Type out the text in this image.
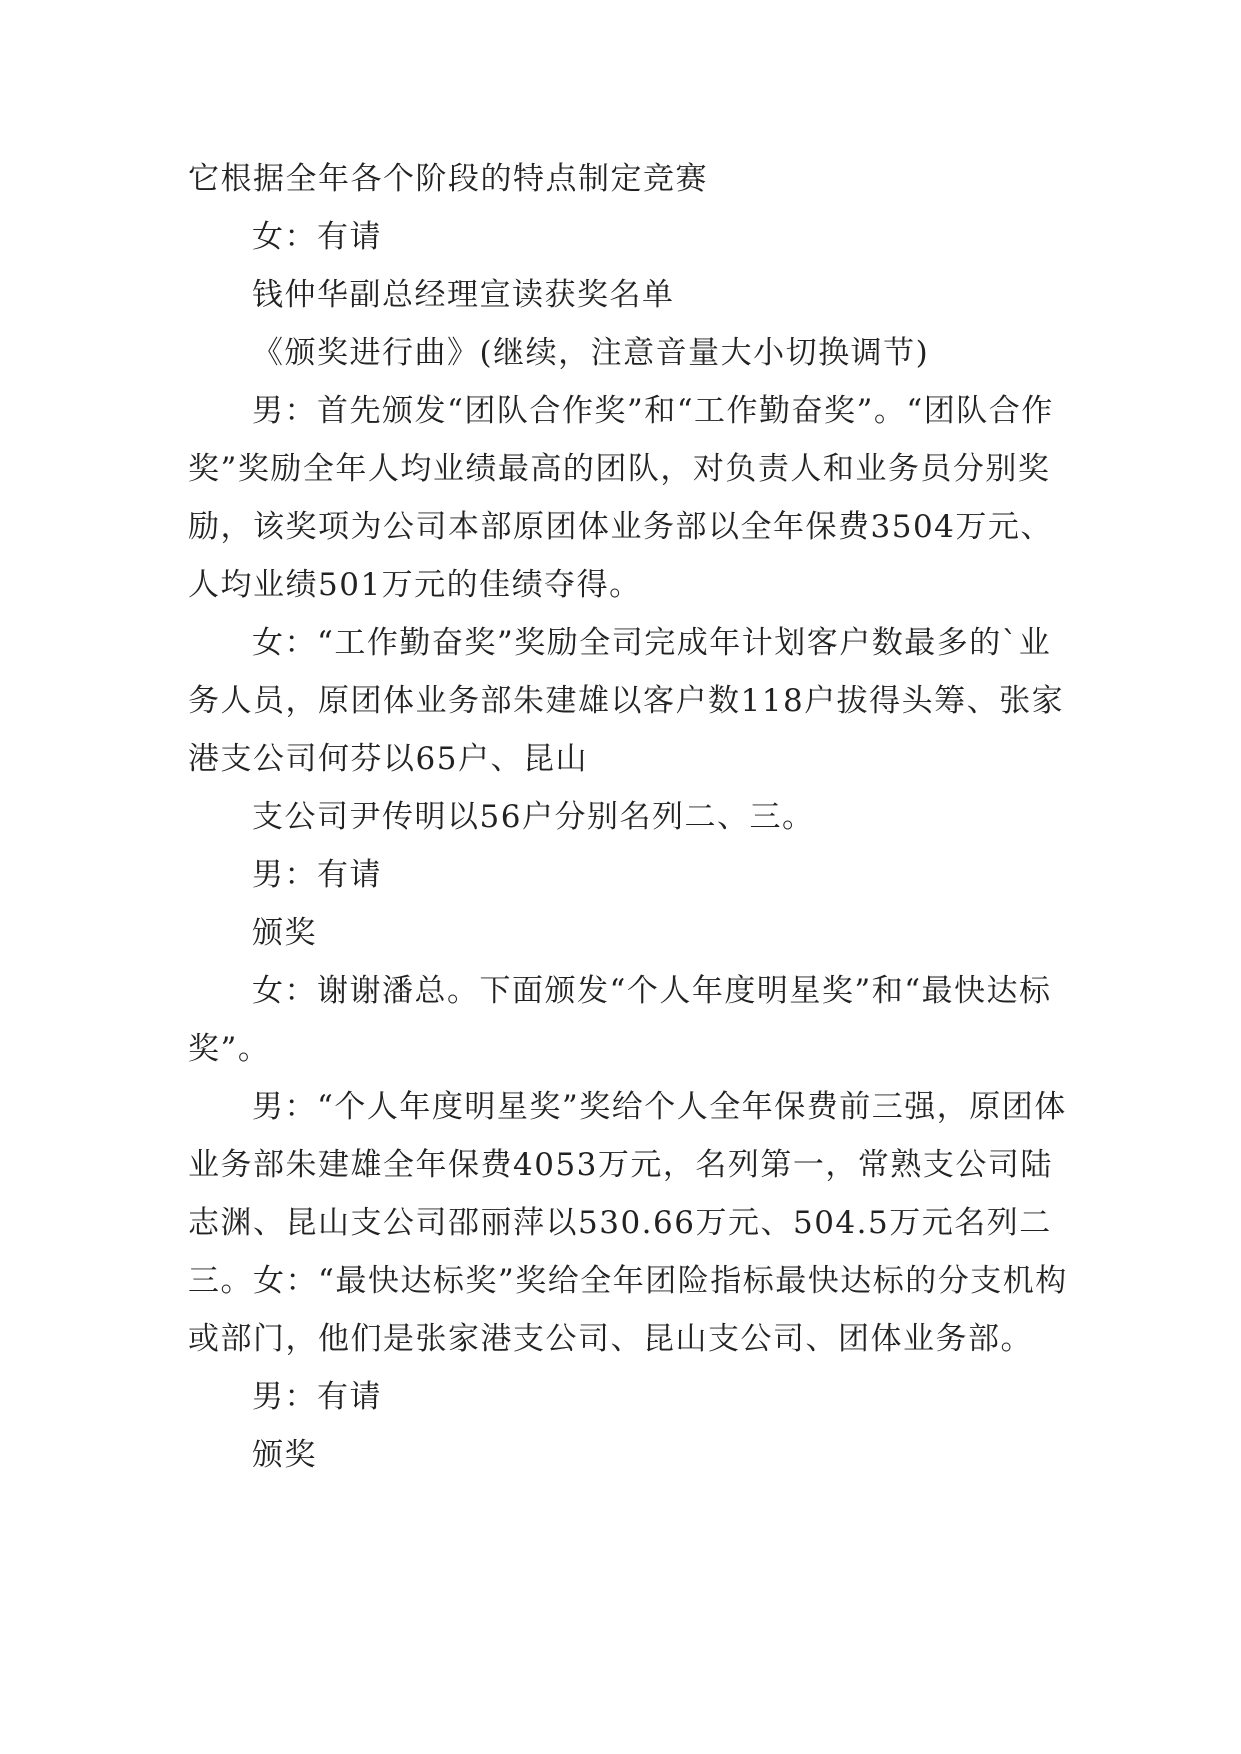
它根据全年各个阶段的特点制定竞赛

女：有请

钱仲华副总经理宣读获奖名单

《颁奖进行曲》(继续，注意音量大小切换调节)

男：首先颁发“团队合作奖”和“工作勤奋奖”。“团队合作奖”奖励全年人均业绩最高的团队，对负责人和业务员分别奖励，该奖项为公司本部原团体业务部以全年保费3504万元、人均业绩501万元的佳绩夺得。

女：“工作勤奋奖”奖励全司完成年计划客户数最多的`业务人员，原团体业务部朱建雄以客户数118户拔得头筹、张家港支公司何芬以65户、昆山

支公司尹传明以56户分别名列二、三。

男：有请

颁奖

女：谢谢潘总。下面颁发“个人年度明星奖”和“最快达标奖”。

男：“个人年度明星奖”奖给个人全年保费前三强，原团体业务部朱建雄全年保费4053万元，名列第一，常熟支公司陆志渊、昆山支公司邵丽萍以530.66万元、504.5万元名列二三。女：“最快达标奖”奖给全年团险指标最快达标的分支机构或部门，他们是张家港支公司、昆山支公司、团体业务部。

男：有请

颁奖
